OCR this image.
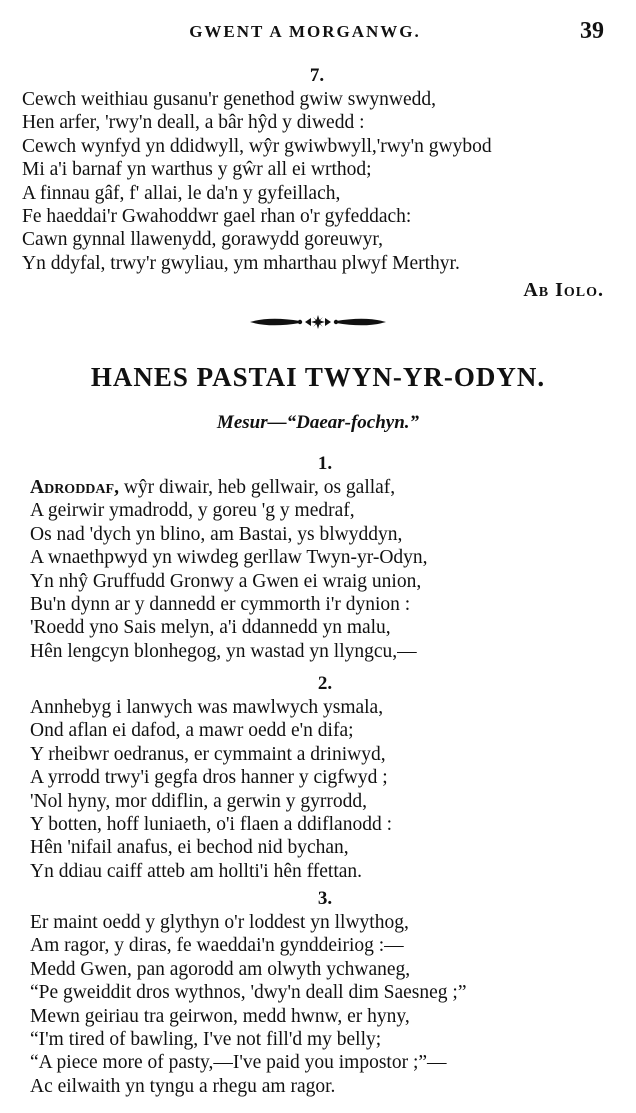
GWENT A MORGANWG.	39
7.
Cewch weithiau gusanu'r genethod gwiw swynwedd,
Hen arfer, 'rwy'n deall, a bâr hŷd y diwedd :
Cewch wynfyd yn ddidwyll, wŷr gwiwbwyll,'rwy'n gwybod
Mi a'i barnaf yn warthus y gŵr all ei wrthod;
A finnau gâf, f' allai, le da'n y gyfeillach,
Fe haeddai'r Gwahoddwr gael rhan o'r gyfeddach:
Cawn gynnal llawenydd, gorawydd goreuwyr,
Yn ddyfal, trwy'r gwyliau, ym mharthau plwyf Merthyr.
Ab Iolo.
HANES PASTAI TWYN-YR-ODYN.
Mesur—“Daear-fochyn.”
1.
Adroddaf, wŷr diwair, heb gellwair, os gallaf,
A geirwir ymadrodd, y goreu 'g y medraf,
Os nad 'dych yn blino, am Bastai, ys blwyddyn,
A wnaethpwyd yn wiwdeg gerllaw Twyn-yr-Odyn,
Yn nhŷ Gruffudd Gronwy a Gwen ei wraig union,
Bu'n dynn ar y dannedd er cymmorth i'r dynion :
'Roedd yno Sais melyn, a'i ddannedd yn malu,
Hên lengcyn blonhegog, yn wastad yn llyngcu,—
2.
Annhebyg i lanwych was mawlwych ysmala,
Ond aflan ei dafod, a mawr oedd e'n difa;
Y rheibwr oedranus, er cymmaint a driniwyd,
A yrrodd trwy'i gegfa dros hanner y cigfwyd ;
'Nol hyny, mor ddiflin, a gerwin y gyrrodd,
Y botten, hoff luniaeth, o'i flaen a ddiflanodd :
Hên 'nifail anafus, ei bechod nid bychan,
Yn ddiau caiff atteb am hollti'i hên ffettan.
3.
Er maint oedd y glythyn o'r loddest yn llwythog,
Am ragor, y diras, fe waeddai'n gynddeiriog :—
Medd Gwen, pan agorodd am olwyth ychwaneg,
“Pe gweiddit dros wythnos, 'dwy'n deall dim Saesneg ;”
Mewn geiriau tra geirwon, medd hwnw, er hyny,
“I'm tired of bawling, I've not fill'd my belly;
“A piece more of pasty,—I've paid you impostor ;”—
Ac eilwaith yn tyngu a rhegu am ragor.
